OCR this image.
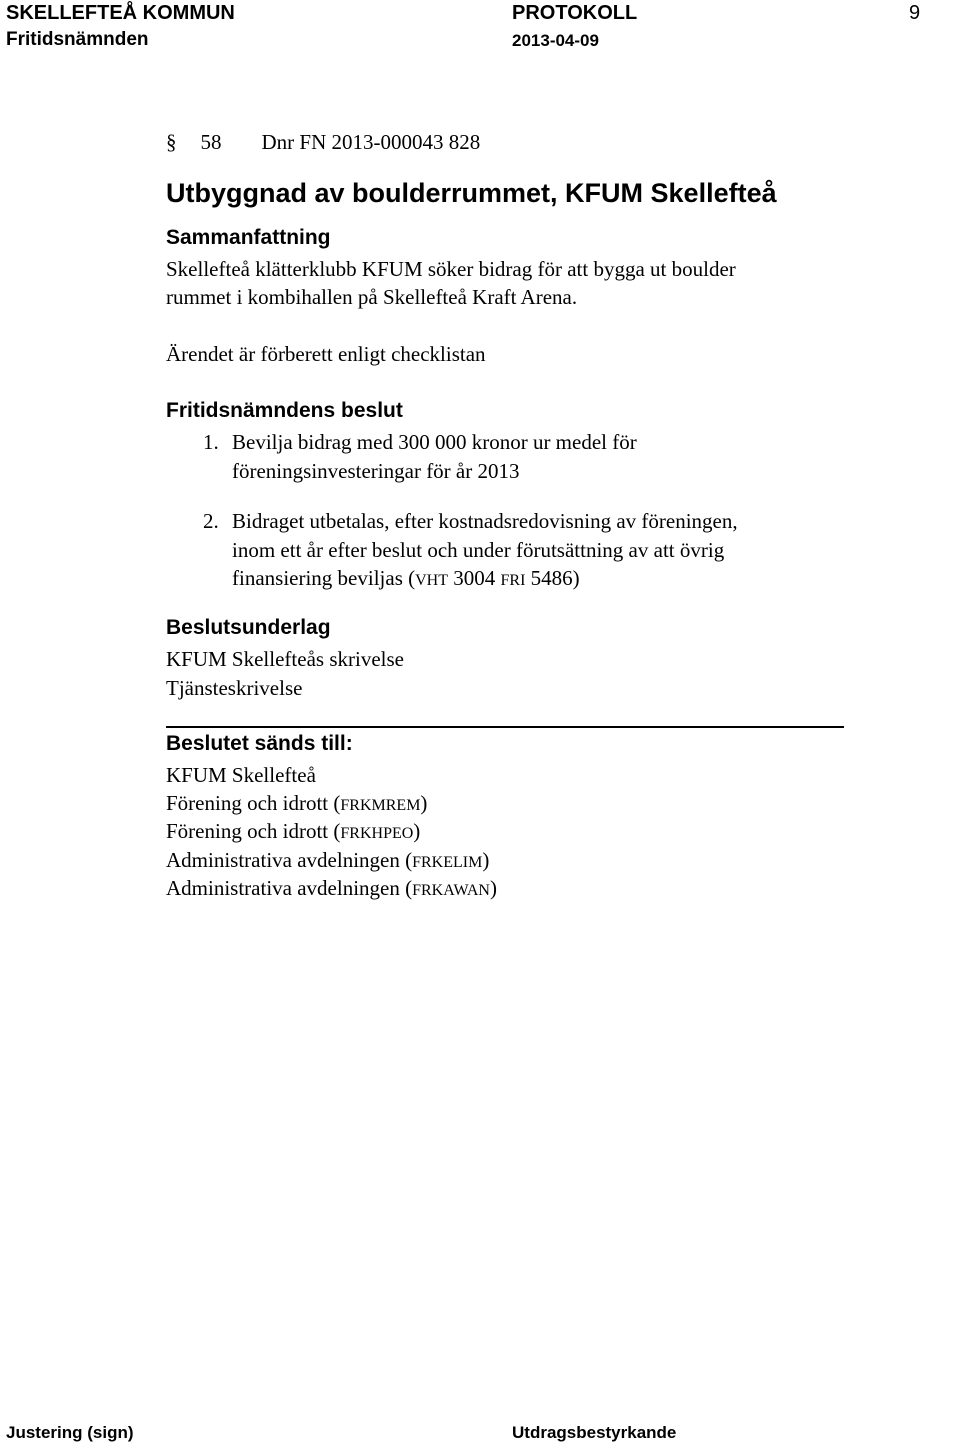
SKELLEFTEÅ KOMMUN	PROTOKOLL	9
Fritidsnämnden	2013-04-09
§ 58 Dnr FN 2013-000043 828
Utbyggnad av boulderrummet, KFUM Skellefteå
Sammanfattning
Skellefteå klätterklubb KFUM söker bidrag för att bygga ut boulder
rummet i kombihallen på Skellefteå Kraft Arena.
Ärendet är förberett enligt checklistan
Fritidsnämndens beslut
1. Bevilja bidrag med 300 000 kronor ur medel för
föreningsinvesteringar för år 2013
2. Bidraget utbetalas, efter kostnadsredovisning av föreningen,
inom ett år efter beslut och under förutsättning av att övrig
finansiering beviljas (VHT 3004 FRI 5486)
Beslutsunderlag
KFUM Skellefteås skrivelse
Tjänsteskrivelse
Beslutet sänds till:
KFUM Skellefteå
Förening och idrott (FRKMREM)
Förening och idrott (FRKHPEO)
Administrativa avdelningen (FRKELIM)
Administrativa avdelningen (FRKAWAN)
Justering (sign)	Utdragsbestyrkande
